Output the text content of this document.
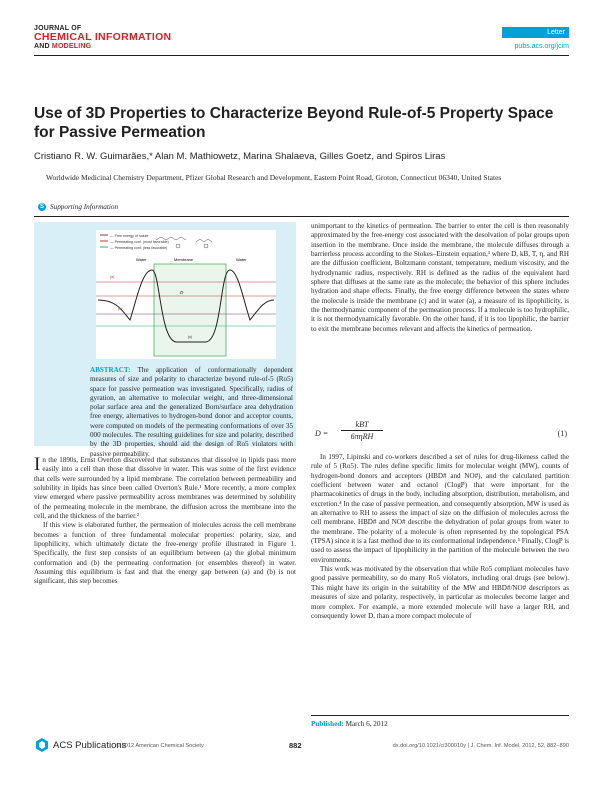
JOURNAL OF
CHEMICAL INFORMATION
AND MODELING
Letter
pubs.acs.org/jcim
Use of 3D Properties to Characterize Beyond Rule-of-5 Property Space for Passive Permeation
Cristiano R. W. Guimarães,* Alan M. Mathiowetz, Marina Shalaeva, Gilles Goetz, and Spiros Liras
Worldwide Medicinal Chemistry Department, Pfizer Global Research and Development, Eastern Point Road, Groton, Connecticut 06340, United States
S Supporting Information
— Free energy of solute
— Permeating conf. (most favorable)
— Permeating conf. (less favorable)
Water	Membrane	Water
D
(a)
(b)
(c)
ABSTRACT: The application of conformationally dependent measures of size and polarity to characterize beyond rule-of-5 (Ro5) space for passive permeation was investigated. Specifically, radius of gyration, an alternative to molecular weight, and three-dimensional polar surface area and the generalized Born/surface area dehydration free energy, alternatives to hydrogen-bond donor and acceptor counts, were computed on models of the permeating conformations of over 35 000 molecules. The resulting guidelines for size and polarity, described by the 3D properties, should aid the design of Ro5 violators with passive permeability.

In the 1890s, Ernst Overton discovered that substances that dissolve in lipids pass more easily into a cell than those that dissolve in water. This was some of the first evidence that cells were surrounded by a lipid membrane. The correlation between permeability and solubility in lipids has since been called Overton's Rule.¹ More recently, a more complex view emerged where passive permeability across membranes was determined by solubility of the permeating molecule in the membrane, the diffusion across the membrane into the cell, and the thickness of the barrier.²

If this view is elaborated further, the permeation of molecules across the cell membrane becomes a function of three fundamental molecular properties: polarity, size, and lipophilicity, which ultimately dictate the free-energy profile illustrated in Figure 1. Specifically, the first step consists of an equilibrium between (a) the global minimum conformation and (b) the permeating conformation (or ensembles thereof) in water. Assuming this equilibrium is fast and that the energy gap between (a) and (b) is not significant, this step becomes

unimportant to the kinetics of permeation. The barrier to enter the cell is then reasonably approximated by the free-energy cost associated with the desolvation of polar groups upon insertion in the membrane. Once inside the membrane, the molecule diffuses through a barrierless process according to the Stokes–Einstein equation,³ where D, kB, T, η, and RH are the diffusion coefficient, Boltzmann constant, temperature, medium viscosity, and the hydrodynamic radius, respectively. RH is defined as the radius of the equivalent hard sphere that diffuses at the same rate as the molecule; the behavior of this sphere includes hydration and shape effects. Finally, the free energy difference between the states where the molecule is inside the membrane (c) and in water (a), a measure of its lipophilicity, is the thermodynamic component of the permeation process. If a molecule is too hydrophilic, it is not thermodynamically favorable. On the other hand, if it is too lipophilic, the barrier to exit the membrane becomes relevant and affects the kinetics of permeation.

D =
kBT
6πηRH	(1)

In 1997, Lipinski and co-workers described a set of rules for drug-likeness called the rule of 5 (Ro5). The rules define specific limits for molecular weight (MW), counts of hydrogen-bond donors and acceptors (HBD# and NO#), and the calculated partition coefficient between water and octanol (ClogP) that were important for the pharmacokinetics of drugs in the body, including absorption, distribution, metabolism, and excretion.⁴ In the case of passive permeation, and consequently absorption, MW is used as an alternative to RH to assess the impact of size on the diffusion of molecules across the cell membrane. HBD# and NO# describe the dehydration of polar groups from water to the membrane. The polarity of a molecule is often represented by the topological PSA (TPSA) since it is a fast method due to its conformational independence.⁵ Finally, ClogP is used to assess the impact of lipophilicity in the partition of the molecule between the two environments.

This work was motivated by the observation that while Ro5 compliant molecules have good passive permeability, so do many Ro5 violators, including oral drugs (see below). This might have its origin in the suitability of the MW and HBD#/NO# descriptors as measures of size and polarity, respectively, in particular as molecules become larger and more complex. For example, a more extended molecule will have a larger RH, and consequently lower D, than a more compact molecule of

Published: March 6, 2012
ACS Publications
© 2012 American Chemical Society	882	dx.doi.org/10.1021/ci300010y | J. Chem. Inf. Model. 2012, 52, 882−890
